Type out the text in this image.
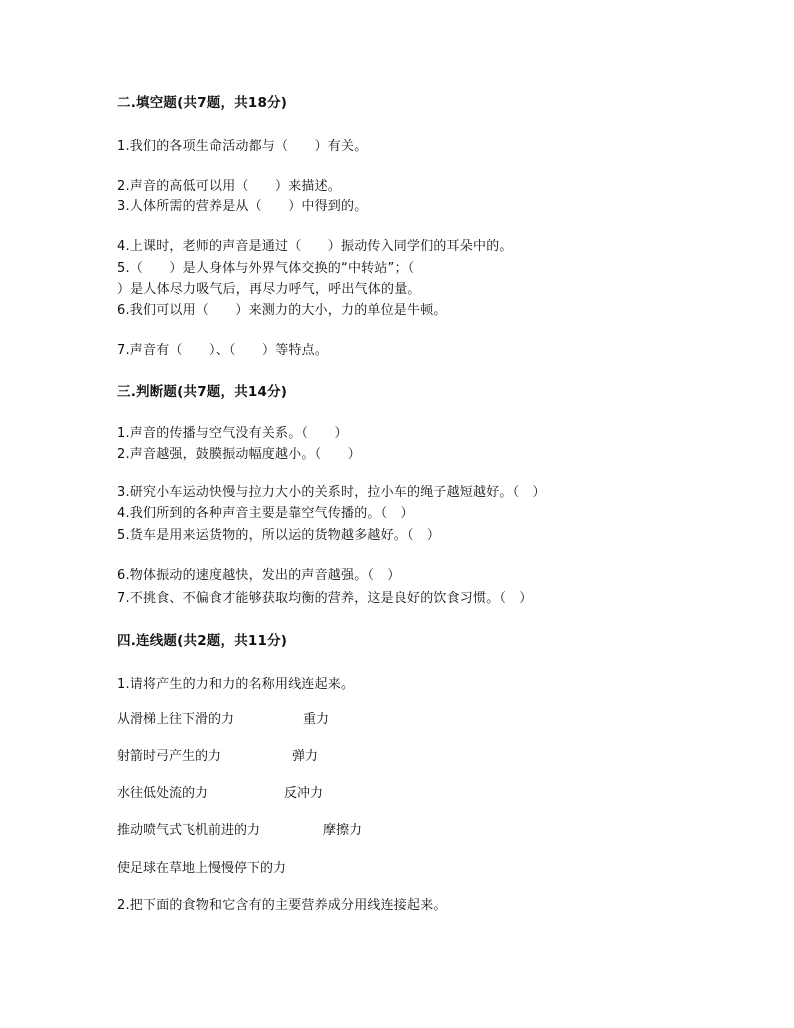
二.填空题(共7题，共18分)
1.我们的各项生命活动都与（　　）有关。
2.声音的高低可以用（　　）来描述。
3.人体所需的营养是从（　　）中得到的。
4.上课时，老师的声音是通过（　　）振动传入同学们的耳朵中的。
5.（　　）是人身体与外界气体交换的“中转站”；（
）是人体尽力吸气后，再尽力呼气，呼出气体的量。
6.我们可以用（　　）来测力的大小，力的单位是牛顿。
7.声音有（　　）、（　　）等特点。
三.判断题(共7题，共14分)
1.声音的传播与空气没有关系。（　　）
2.声音越强，鼓膜振动幅度越小。（　　）
3.研究小车运动快慢与拉力大小的关系时，拉小车的绳子越短越好。（　）
4.我们所到的各种声音主要是靠空气传播的。（　）
5.货车是用来运货物的，所以运的货物越多越好。（　）
6.物体振动的速度越快，发出的声音越强。（　）
7.不挑食、不偏食才能够获取均衡的营养，这是良好的饮食习惯。（　）
四.连线题(共2题，共11分)
1.请将产生的力和力的名称用线连起来。
从滑梯上往下滑的力	重力
射箭时弓产生的力	弹力
水往低处流的力	反冲力
推动喷气式飞机前进的力	摩擦力
使足球在草地上慢慢停下的力
2.把下面的食物和它含有的主要营养成分用线连接起来。
